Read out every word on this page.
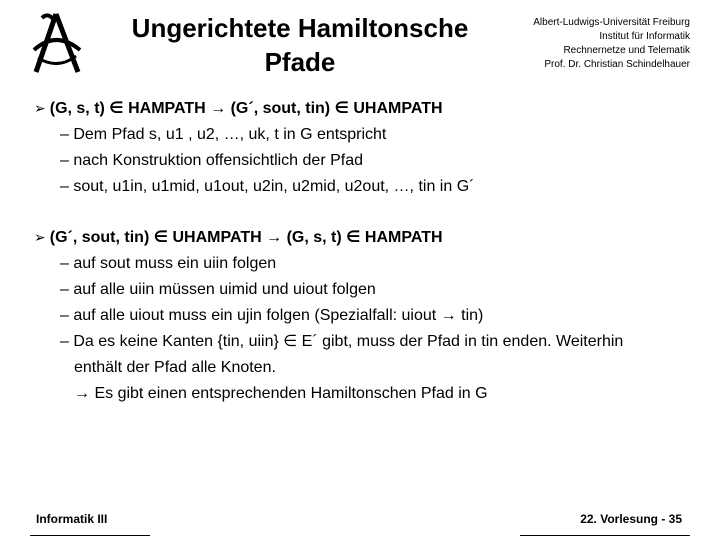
Ungerichtete Hamiltonsche
Pfade
Albert-Ludwigs-Universität Freiburg
Institut für Informatik
Rechnernetze und Telematik
Prof. Dr. Christian Schindelhauer
➢ (G, s, t) ∈ HAMPATH → (G´, sout, tin) ∈ UHAMPATH
– Dem Pfad s, u1 , u2, …, uk, t in G entspricht
– nach Konstruktion offensichtlich der Pfad
– sout, u1in, u1mid, u1out, u2in, u2mid, u2out, …, tin in G´
➢ (G´, sout, tin) ∈ UHAMPATH → (G, s, t) ∈ HAMPATH
– auf sout muss ein uiin folgen
– auf alle uiin müssen uimid und uiout folgen
– auf alle uiout muss ein ujin folgen (Spezialfall: uiout → tin)
– Da es keine Kanten {tin, uiin} ∈ E´ gibt, muss der Pfad in tin enden. Weiterhin
enthält der Pfad alle Knoten.
→ Es gibt einen entsprechenden Hamiltonschen Pfad in G
Informatik III	22. Vorlesung - 35
